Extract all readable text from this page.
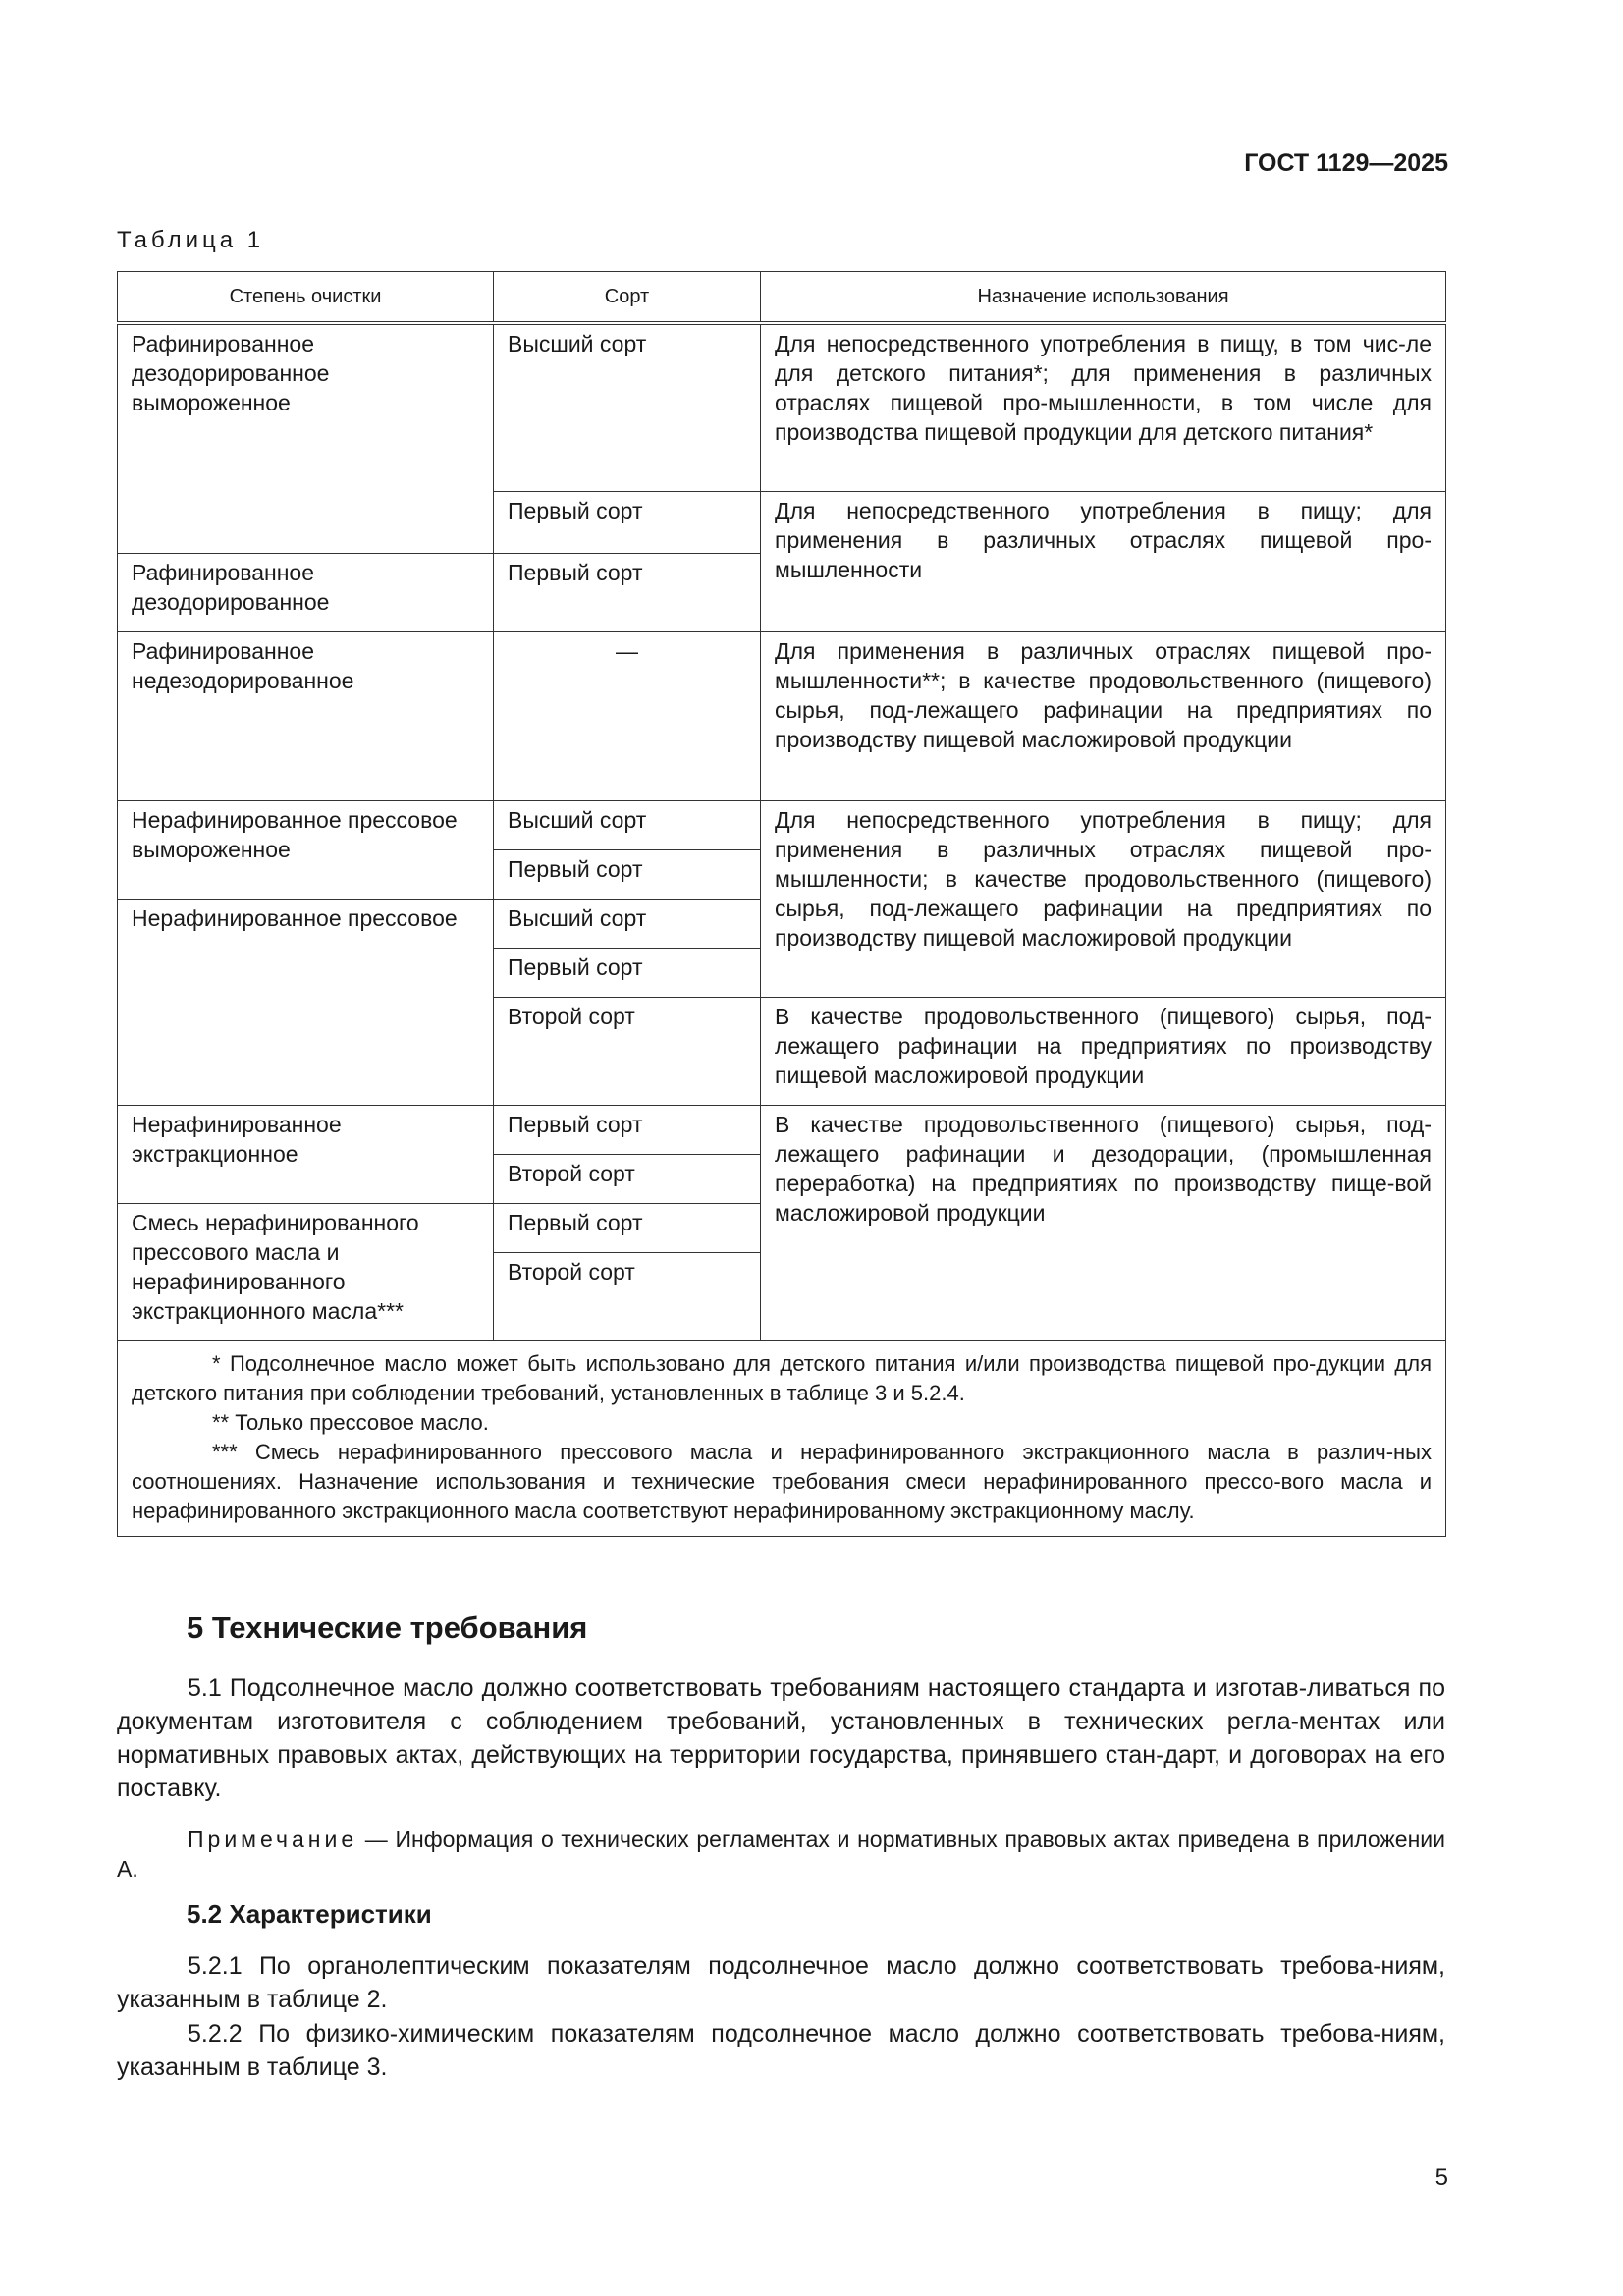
ГОСТ 1129—2025
Таблица 1
Степень очистки	Сорт	Назначение использования
Рафинированное дезодорированное вымороженное	Высший сорт	Для непосредственного употребления в пищу, в том чис-ле для детского питания*; для применения в различных отраслях пищевой про-мышленности, в том числе для производства пищевой продукции для детского питания*
	Первый сорт	Для непосредственного употребления в пищу; для применения в различных отраслях пищевой про-мышленности
Рафинированное дезодорированное	Первый сорт	
Рафинированное недезодорированное	—	Для применения в различных отраслях пищевой про-мышленности**; в качестве продовольственного (пищевого) сырья, под-лежащего рафинации на предприятиях по производству пищевой масложировой продукции
Нерафинированное прессовое вымороженное	Высший сорт	Для непосредственного употребления в пищу; для применения в различных отраслях пищевой про-мышленности; в качестве продовольственного (пищевого) сырья, под-лежащего рафинации на предприятиях по производству пищевой масложировой продукции
	Первый сорт	
Нерафинированное прессовое	Высший сорт	
	Первый сорт	
	Второй сорт	В качестве продовольственного (пищевого) сырья, под-лежащего рафинации на предприятиях по производству пищевой масложировой продукции
Нерафинированное экстракционное	Первый сорт	В качестве продовольственного (пищевого) сырья, под-лежащего рафинации и дезодорации, (промышленная переработка) на предприятиях по производству пище-вой масложировой продукции
	Второй сорт	
Смесь нерафинированного прессового масла и нерафинированного экстракционного масла***	Первый сорт	
	Второй сорт	

* Подсолнечное масло может быть использовано для детского питания и/или производства пищевой про-дукции для детского питания при соблюдении требований, установленных в таблице 3 и 5.2.4.

** Только прессовое масло.

*** Смесь нерафинированного прессового масла и нерафинированного экстракционного масла в различ-ных соотношениях. Назначение использования и технические требования смеси нерафинированного прессо-вого масла и нерафинированного экстракционного масла соответствуют нерафинированному экстракционному маслу.		

5 Технические требования

5.1 Подсолнечное масло должно соответствовать требованиям настоящего стандарта и изготав-ливаться по документам изготовителя с соблюдением требований, установленных в технических регла-ментах или нормативных правовых актах, действующих на территории государства, принявшего стан-дарт, и договорах на его поставку.

Примечание — Информация о технических регламентах и нормативных правовых актах приведена в приложении А.

5.2 Характеристики

5.2.1 По органолептическим показателям подсолнечное масло должно соответствовать требова-ниям, указанным в таблице 2.

5.2.2 По физико-химическим показателям подсолнечное масло должно соответствовать требова-ниям, указанным в таблице 3.

5
